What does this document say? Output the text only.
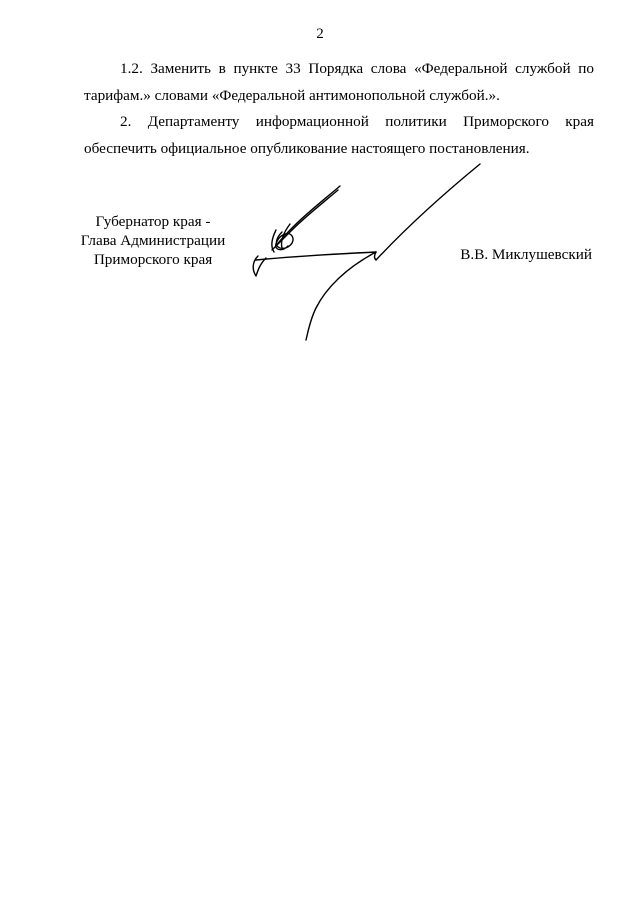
2

1.2. Заменить в пункте 33 Порядка слова «Федеральной службой по тарифам.» словами «Федеральной антимонопольной службой.».

2. Департаменту информационной политики Приморского края обеспечить официальное опубликование настоящего постановления.

Губернатор края -
Глава Администрации
Приморского края	В.В. Миклушевский
